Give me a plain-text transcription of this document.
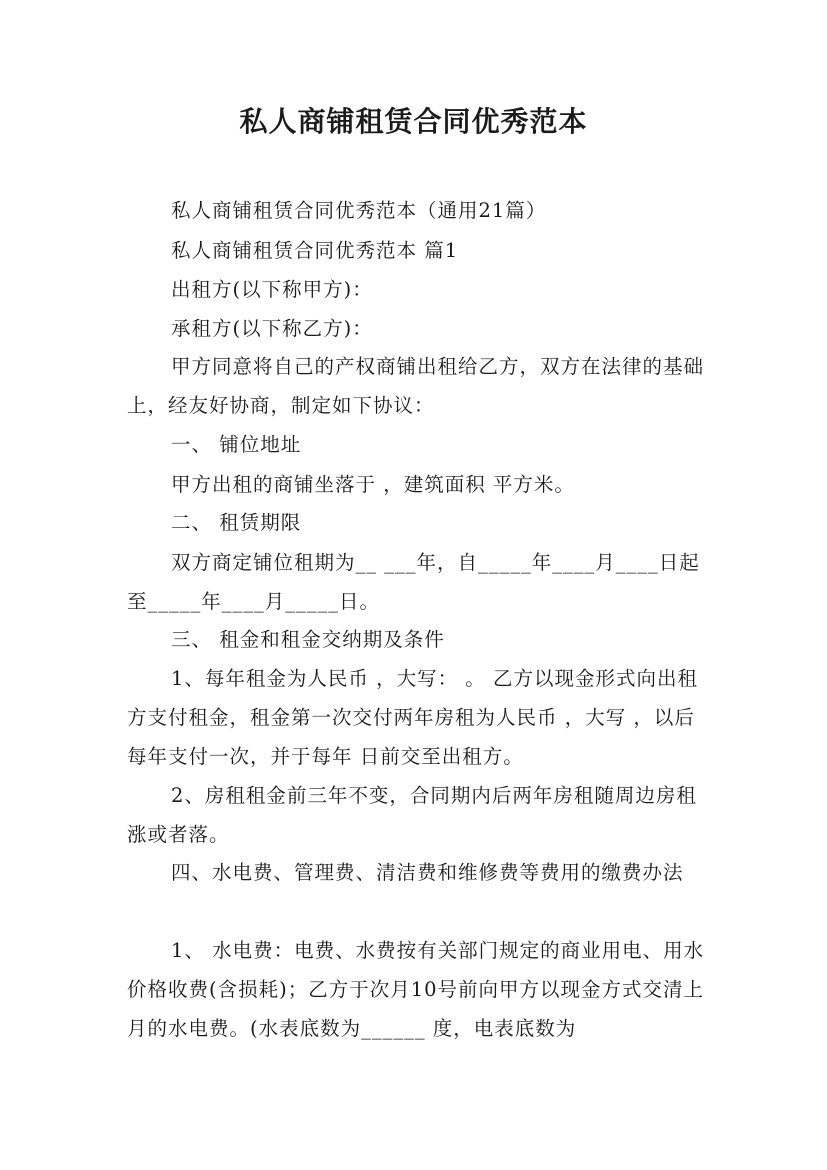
私人商铺租赁合同优秀范本

私人商铺租赁合同优秀范本（通用21篇）

私人商铺租赁合同优秀范本 篇1

出租方(以下称甲方)：

承租方(以下称乙方)：

甲方同意将自己的产权商铺出租给乙方，双方在法律的基础上，经友好协商，制定如下协议：

一、 铺位地址

甲方出租的商铺坐落于 ，建筑面积 平方米。

二、 租赁期限

双方商定铺位租期为__ ___年，自_____年____月____日起至_____年____月_____日。

三、 租金和租金交纳期及条件

1、每年租金为人民币 ，大写： 。 乙方以现金形式向出租方支付租金，租金第一次交付两年房租为人民币 ，大写 ，以后每年支付一次，并于每年 日前交至出租方。

2、房租租金前三年不变，合同期内后两年房租随周边房租涨或者落。

四、水电费、管理费、清洁费和维修费等费用的缴费办法

1、 水电费：电费、水费按有关部门规定的商业用电、用水价格收费(含损耗)；乙方于次月10号前向甲方以现金方式交清上月的水电费。(水表底数为______ 度，电表底数为
